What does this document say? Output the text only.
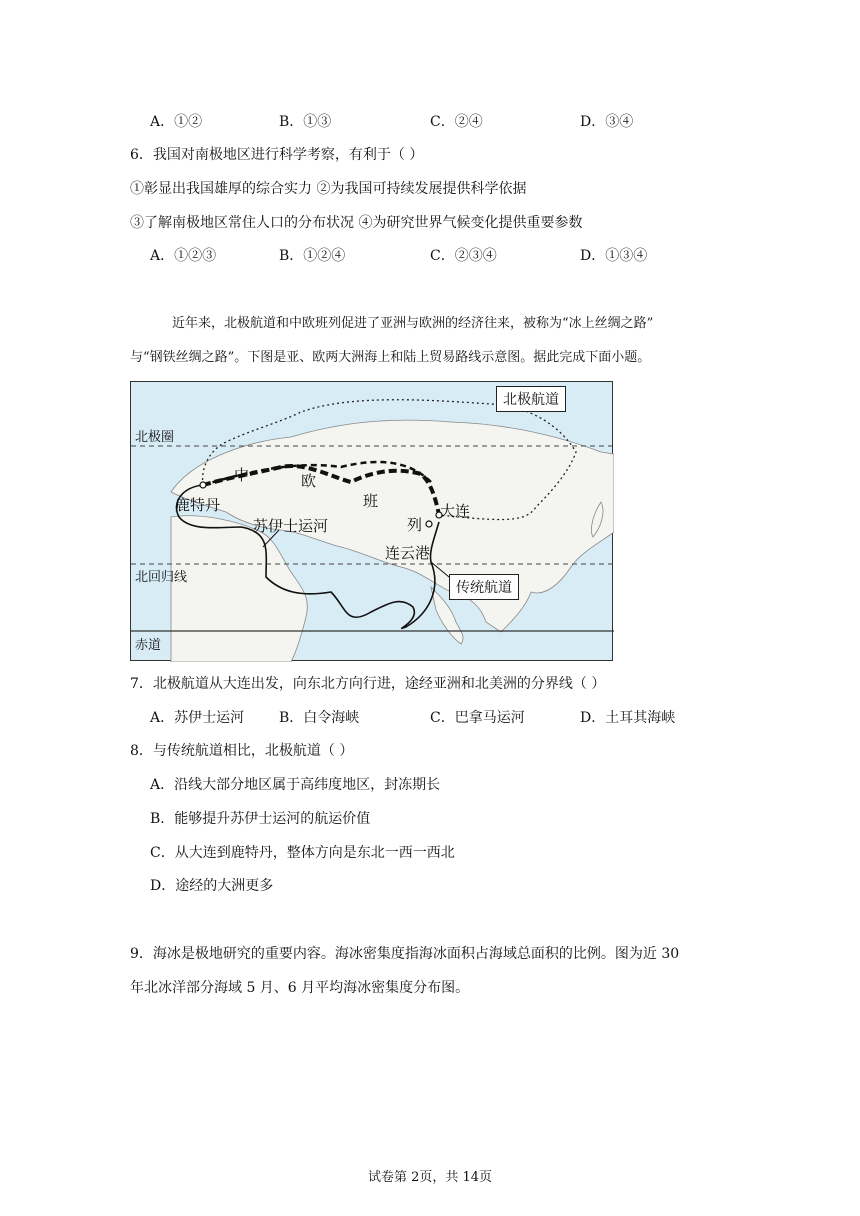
A．①②	B．①③	C．②④	D．③④
6．我国对南极地区进行科学考察，有利于（ ）
①彰显出我国雄厚的综合实力 ②为我国可持续发展提供科学依据
③了解南极地区常住人口的分布状况 ④为研究世界气候变化提供重要参数
A．①②③	B．①②④	C．②③④	D．①③④
近年来，北极航道和中欧班列促进了亚洲与欧洲的经济往来，被称为“冰上丝绸之路”
与“钢铁丝绸之路”。下图是亚、欧两大洲海上和陆上贸易路线示意图。据此完成下面小题。
北极航道
北极圈
北回归线
赤道
鹿特丹
苏伊士运河
大连
连云港
传统航道
中	欧
班
列
7．北极航道从大连出发，向东北方向行进，途经亚洲和北美洲的分界线（ ）
A．苏伊士运河 B．白令海峡	C．巴拿马运河	D．土耳其海峡
8．与传统航道相比，北极航道（ ）
A．沿线大部分地区属于高纬度地区，封冻期长
B．能够提升苏伊士运河的航运价值
C．从大连到鹿特丹，整体方向是东北一西一西北
D．途经的大洲更多
9．海冰是极地研究的重要内容。海冰密集度指海冰面积占海域总面积的比例。图为近 30
年北冰洋部分海域 5 月、6 月平均海冰密集度分布图。
试卷第 2页，共 14页
